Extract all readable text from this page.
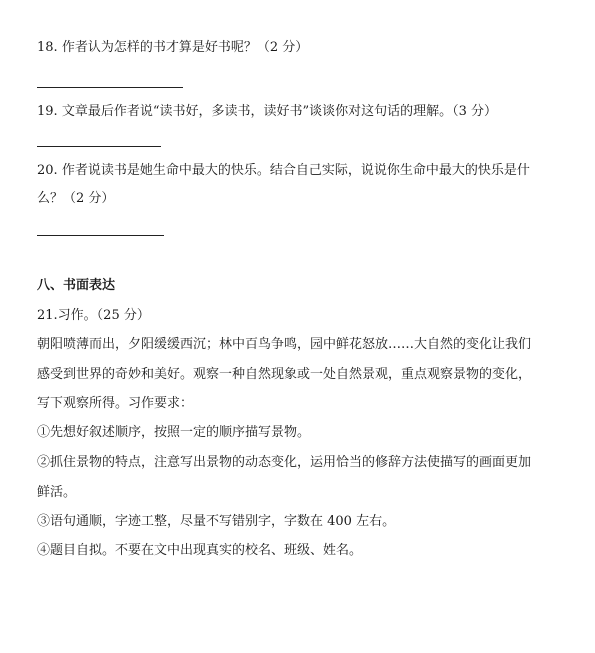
18. 作者认为怎样的书才算是好书呢？（2 分）
19. 文章最后作者说“读书好，多读书，读好书”谈谈你对这句话的理解。（3 分）
20. 作者说读书是她生命中最大的快乐。结合自己实际，说说你生命中最大的快乐是什
么？（2 分）
八、书面表达
21.习作。（25 分）
朝阳喷薄而出，夕阳缓缓西沉；林中百鸟争鸣，园中鲜花怒放……大自然的变化让我们
感受到世界的奇妙和美好。观察一种自然现象或一处自然景观，重点观察景物的变化，
写下观察所得。习作要求：
①先想好叙述顺序，按照一定的顺序描写景物。
②抓住景物的特点，注意写出景物的动态变化，运用恰当的修辞方法使描写的画面更加
鲜活。
③语句通顺，字迹工整，尽量不写错别字，字数在 400 左右。
④题目自拟。不要在文中出现真实的校名、班级、姓名。
